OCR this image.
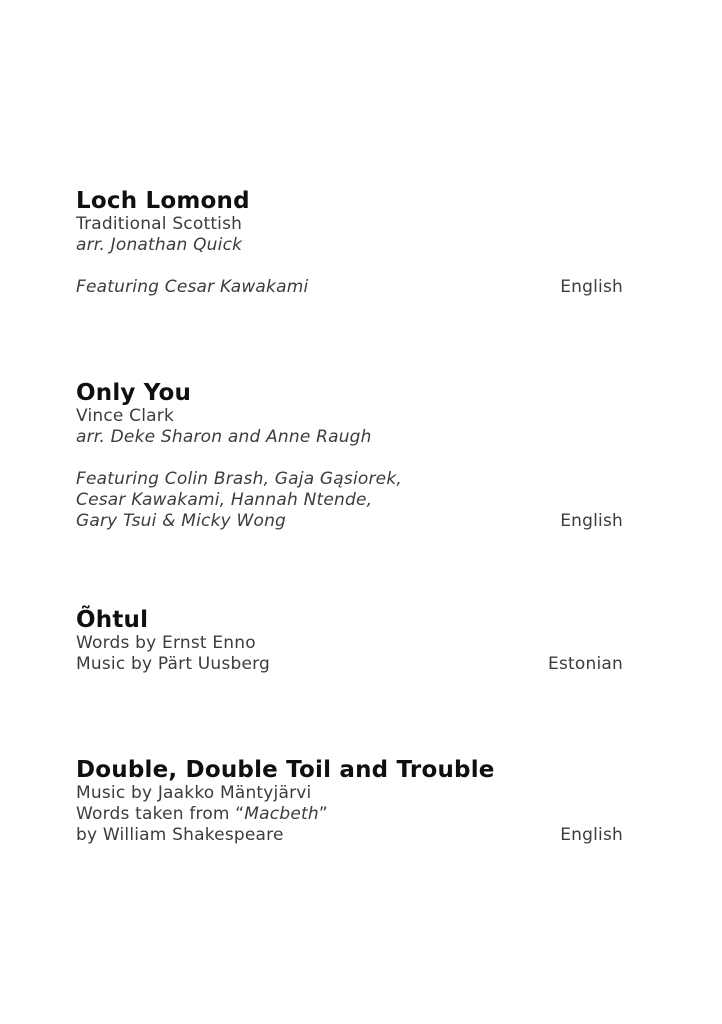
Loch Lomond

Traditional Scottish

arr. Jonathan Quick

Featuring Cesar Kawakami	English

Only You

Vince Clark

arr. Deke Sharon and Anne Raugh

Featuring Colin Brash, Gaja Gąsiorek,

Cesar Kawakami, Hannah Ntende,

Gary Tsui & Micky Wong	English

Õhtul

Words by Ernst Enno

Music by Pärt Uusberg	Estonian

Double, Double Toil and Trouble

Music by Jaakko Mäntyjärvi

Words taken from “Macbeth”

by William Shakespeare	English
